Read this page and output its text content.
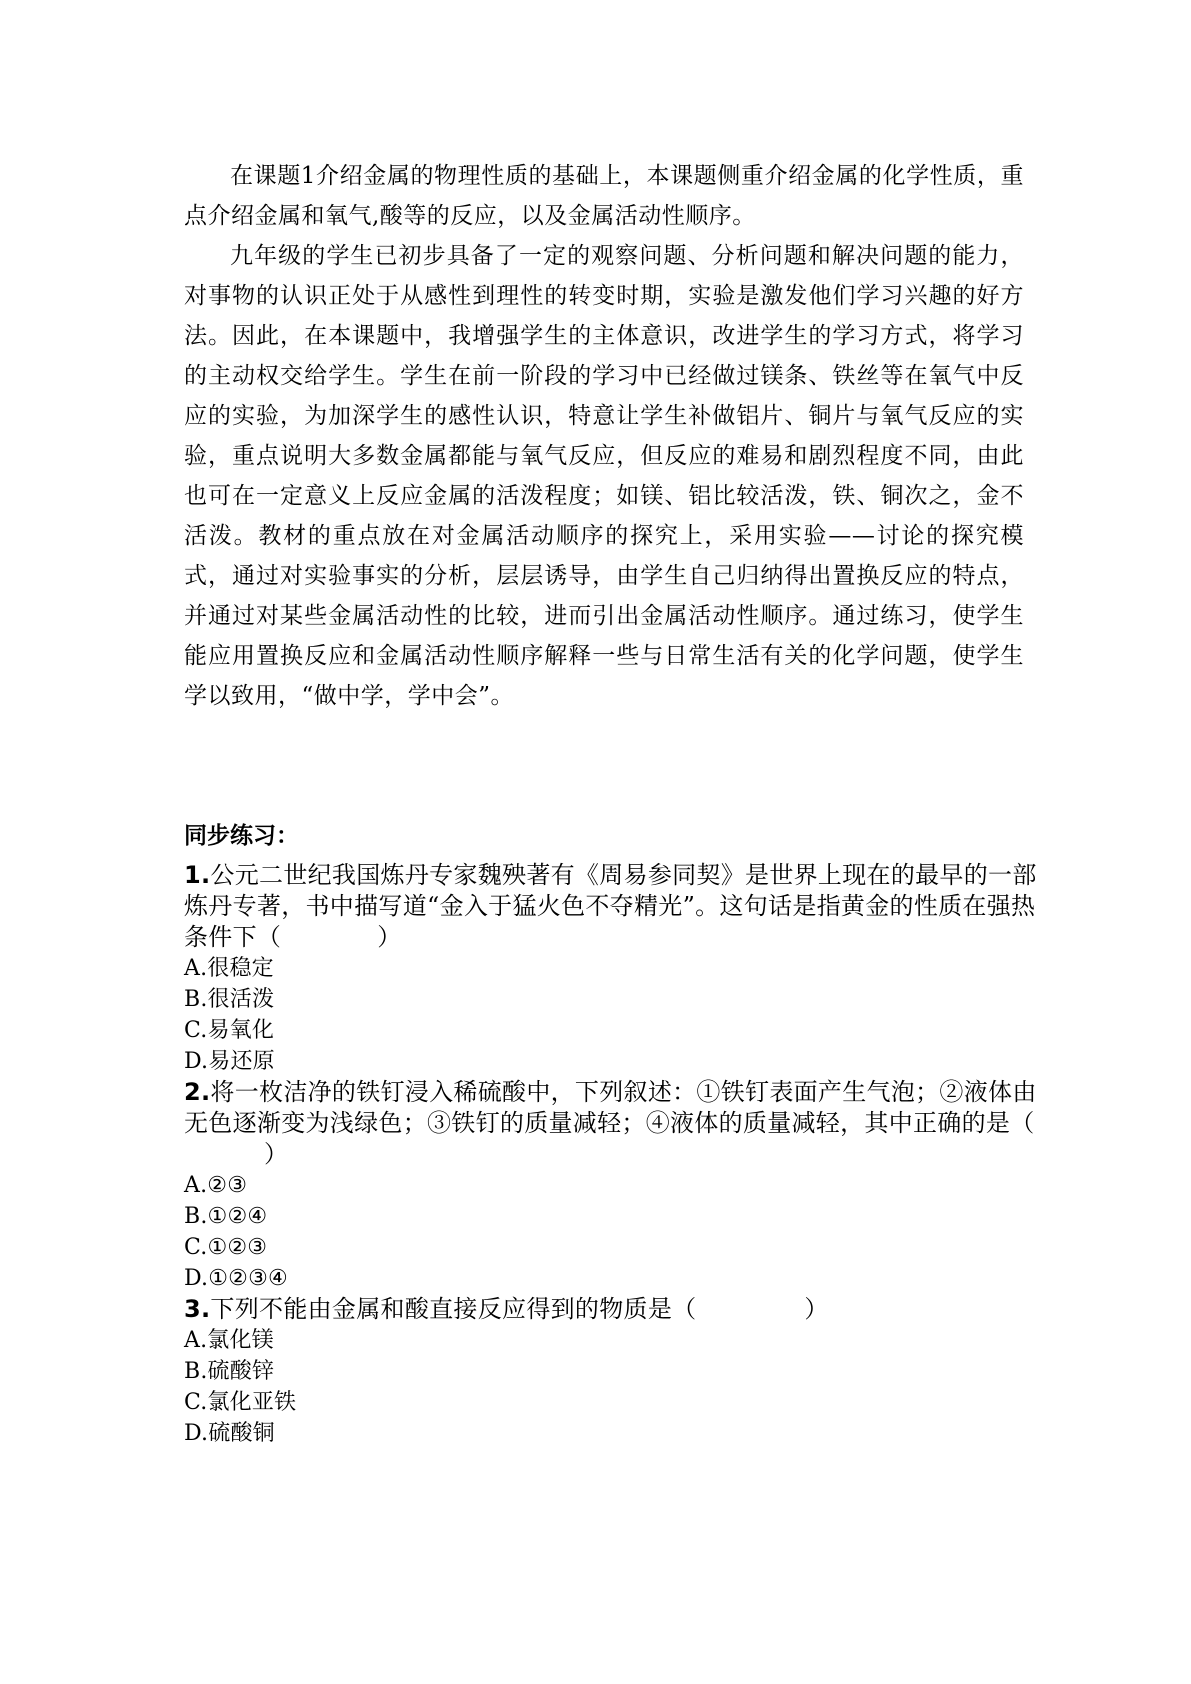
在课题1介绍金属的物理性质的基础上，本课题侧重介绍金属的化学性质，重点介绍金属和氧气,酸等的反应，以及金属活动性顺序。

九年级的学生已初步具备了一定的观察问题、分析问题和解决问题的能力，对事物的认识正处于从感性到理性的转变时期，实验是激发他们学习兴趣的好方法。因此，在本课题中，我增强学生的主体意识，改进学生的学习方式，将学习的主动权交给学生。学生在前一阶段的学习中已经做过镁条、铁丝等在氧气中反应的实验，为加深学生的感性认识，特意让学生补做铝片、铜片与氧气反应的实验，重点说明大多数金属都能与氧气反应，但反应的难易和剧烈程度不同，由此也可在一定意义上反应金属的活泼程度；如镁、铝比较活泼，铁、铜次之，金不活泼。教材的重点放在对金属活动顺序的探究上，采用实验——讨论的探究模式，通过对实验事实的分析，层层诱导，由学生自己归纳得出置换反应的特点，并通过对某些金属活动性的比较，进而引出金属活动性顺序。通过练习，使学生能应用置换反应和金属活动性顺序解释一些与日常生活有关的化学问题，使学生学以致用，“做中学，学中会”。

同步练习：

1.公元二世纪我国炼丹专家魏殃著有《周易参同契》是世界上现在的最早的一部炼丹专著，书中描写道“金入于猛火色不夺精光”。这句话是指黄金的性质在强热条件下（	）

A.很稳定

B.很活泼

C.易氧化

D.易还原

2.将一枚洁净的铁钉浸入稀硫酸中，下列叙述：①铁钉表面产生气泡；②液体由无色逐渐变为浅绿色；③铁钉的质量减轻；④液体的质量减轻，其中正确的是（）

A.②③

B.①②④

C.①②③

D.①②③④

3.下列不能由金属和酸直接反应得到的物质是（	）

A.氯化镁

B.硫酸锌

C.氯化亚铁

D.硫酸铜
